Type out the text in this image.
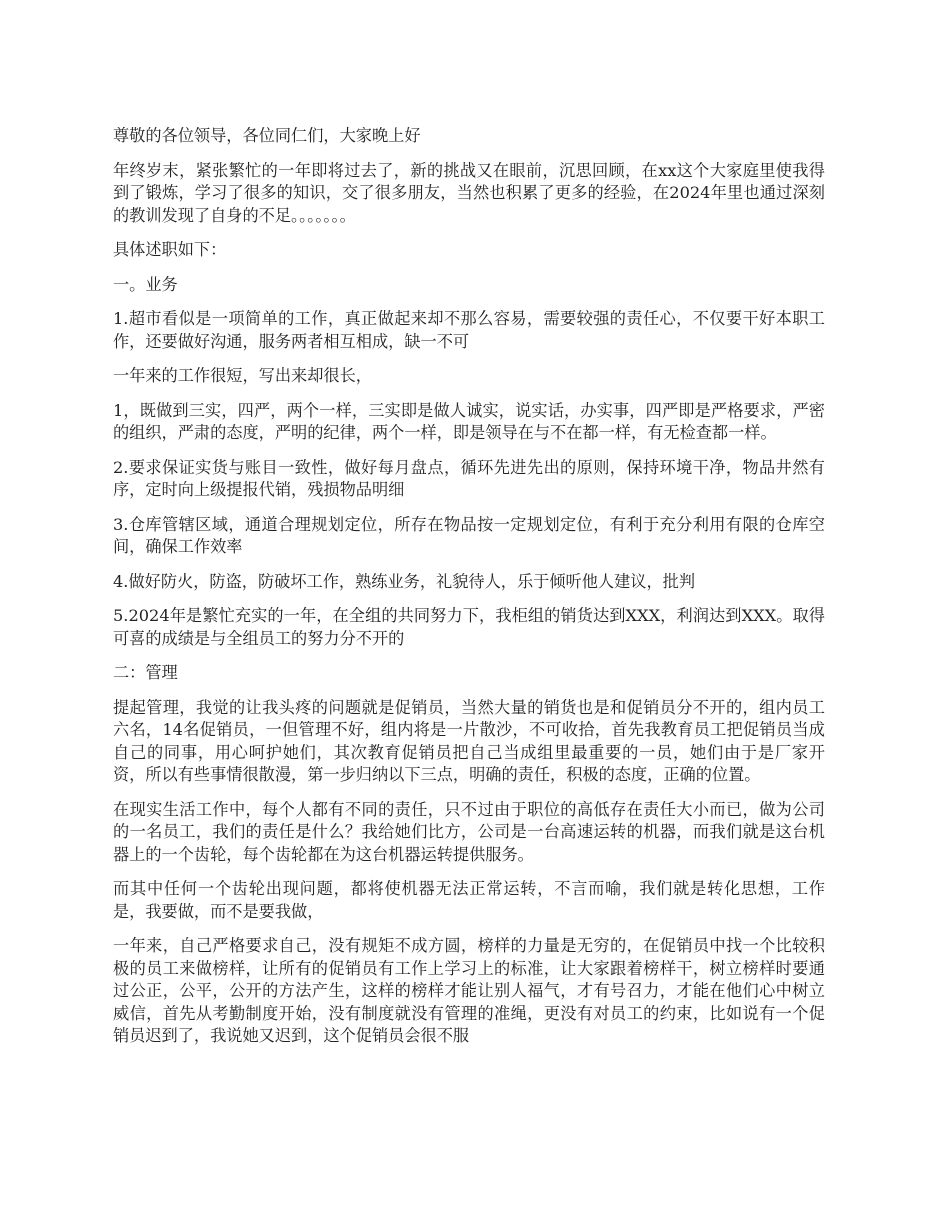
尊敬的各位领导，各位同仁们，大家晚上好

年终岁末，紧张繁忙的一年即将过去了，新的挑战又在眼前，沉思回顾，在xx这个大家庭里使我得到了锻炼，学习了很多的知识，交了很多朋友，当然也积累了更多的经验，在2024年里也通过深刻的教训发现了自身的不足。。。。。。。

具体述职如下：

一。业务

1.超市看似是一项简单的工作，真正做起来却不那么容易，需要较强的责任心，不仅要干好本职工作，还要做好沟通，服务两者相互相成，缺一不可

一年来的工作很短，写出来却很长，

1，既做到三实，四严，两个一样，三实即是做人诚实，说实话，办实事，四严即是严格要求，严密的组织，严肃的态度，严明的纪律，两个一样，即是领导在与不在都一样，有无检查都一样。

2.要求保证实货与账目一致性，做好每月盘点，循环先进先出的原则，保持环境干净，物品井然有序，定时向上级提报代销，残损物品明细

3.仓库管辖区域，通道合理规划定位，所存在物品按一定规划定位，有利于充分利用有限的仓库空间，确保工作效率

4.做好防火，防盗，防破坏工作，熟练业务，礼貌待人，乐于倾听他人建议，批判

5.2024年是繁忙充实的一年，在全组的共同努力下，我柜组的销货达到XXX，利润达到XXX。取得可喜的成绩是与全组员工的努力分不开的

二：管理

提起管理，我觉的让我头疼的问题就是促销员，当然大量的销货也是和促销员分不开的，组内员工六名，14名促销员，一但管理不好，组内将是一片散沙，不可收拾，首先我教育员工把促销员当成自己的同事，用心呵护她们，其次教育促销员把自己当成组里最重要的一员，她们由于是厂家开资，所以有些事情很散漫，第一步归纳以下三点，明确的责任，积极的态度，正确的位置。

在现实生活工作中，每个人都有不同的责任，只不过由于职位的高低存在责任大小而已，做为公司的一名员工，我们的责任是什么？我给她们比方，公司是一台高速运转的机器，而我们就是这台机器上的一个齿轮，每个齿轮都在为这台机器运转提供服务。

而其中任何一个齿轮出现问题，都将使机器无法正常运转，不言而喻，我们就是转化思想，工作是，我要做，而不是要我做，

一年来，自己严格要求自己，没有规矩不成方圆，榜样的力量是无穷的，在促销员中找一个比较积极的员工来做榜样，让所有的促销员有工作上学习上的标准，让大家跟着榜样干，树立榜样时要通过公正，公平，公开的方法产生，这样的榜样才能让别人福气，才有号召力，才能在他们心中树立威信，首先从考勤制度开始，没有制度就没有管理的准绳，更没有对员工的约束，比如说有一个促销员迟到了，我说她又迟到，这个促销员会很不服
